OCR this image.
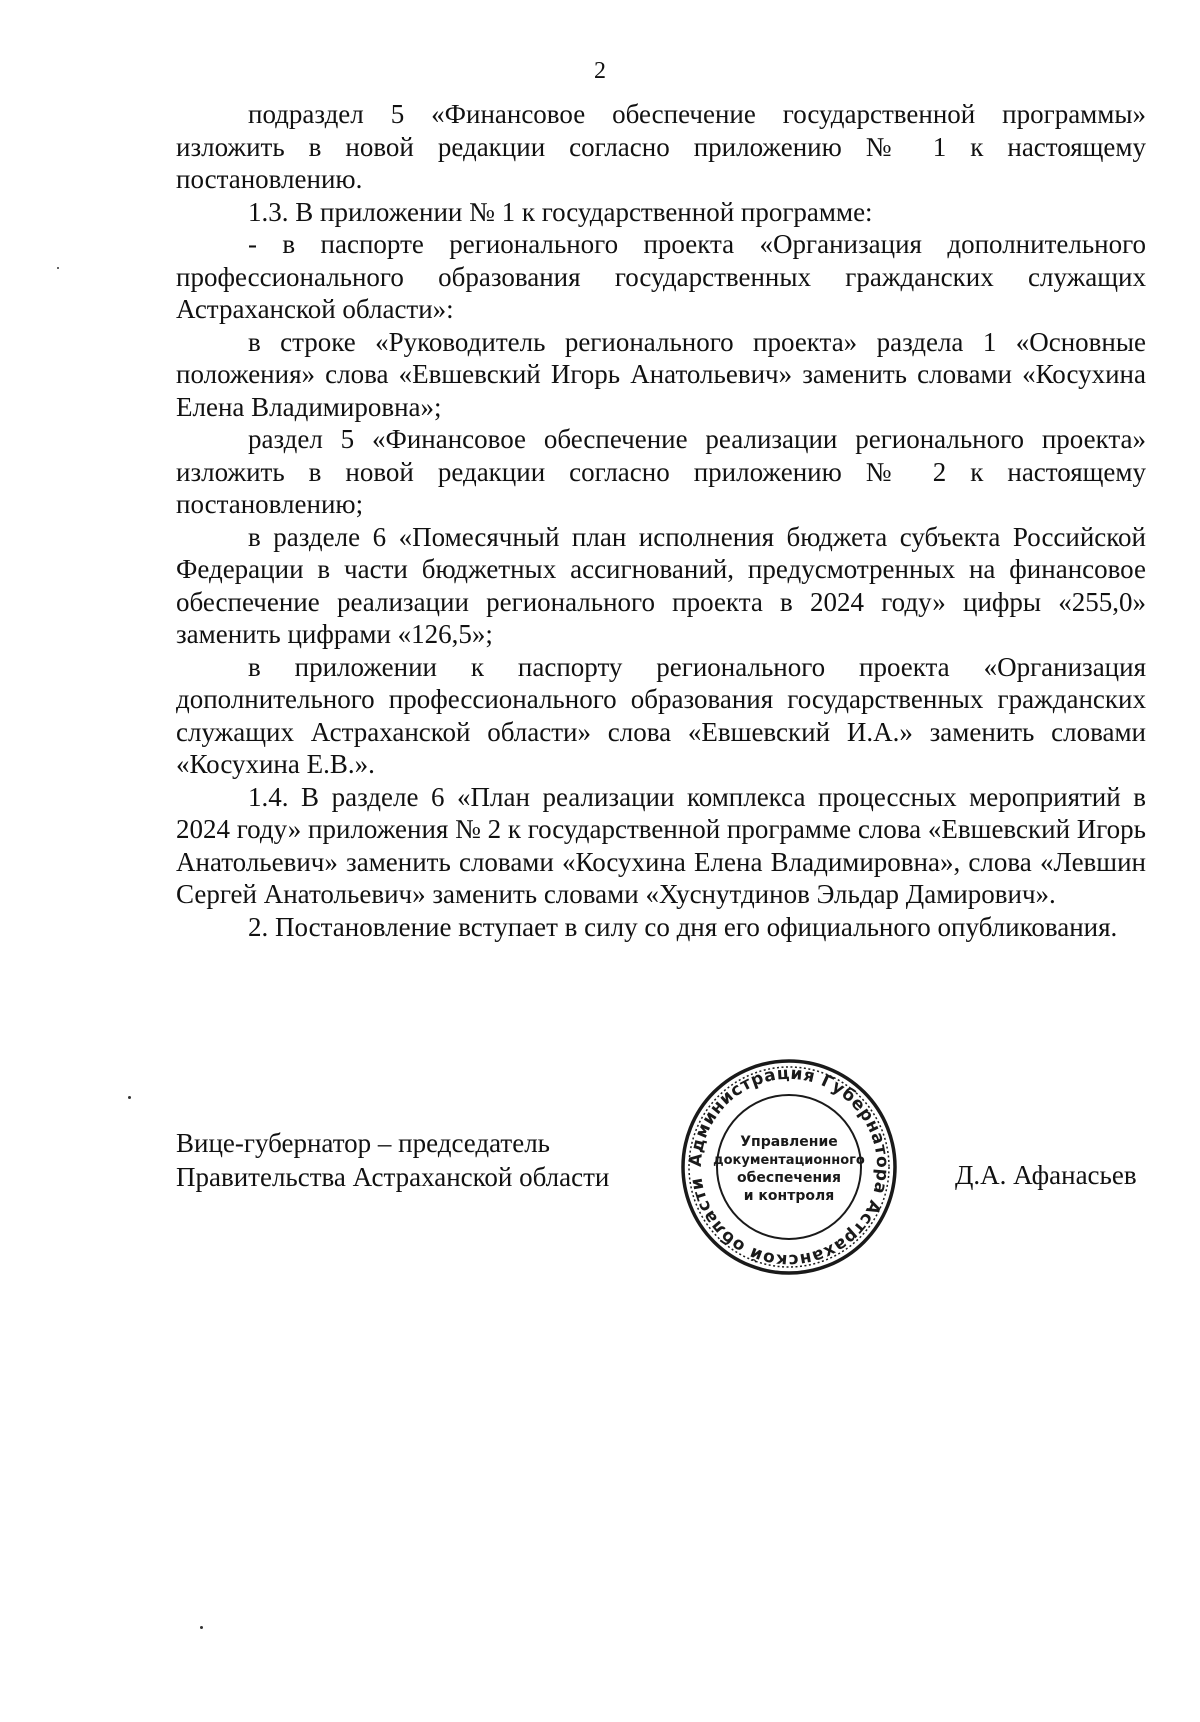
2

подраздел 5 «Финансовое обеспечение государственной программы» изложить в новой редакции согласно приложению № 1 к настоящему постановлению.

1.3. В приложении № 1 к государственной программе:

- в паспорте регионального проекта «Организация дополнительного профессионального образования государственных гражданских служащих Астраханской области»:

в строке «Руководитель регионального проекта» раздела 1 «Основные положения» слова «Евшевский Игорь Анатольевич» заменить словами «Косухина Елена Владимировна»;

раздел 5 «Финансовое обеспечение реализации регионального проекта» изложить в новой редакции согласно приложению № 2 к настоящему постановлению;

в разделе 6 «Помесячный план исполнения бюджета субъекта Российской Федерации в части бюджетных ассигнований, предусмотренных на финансовое обеспечение реализации регионального проекта в 2024 году» цифры «255,0» заменить цифрами «126,5»;

в приложении к паспорту регионального проекта «Организация дополнительного профессионального образования государственных гражданских служащих Астраханской области» слова «Евшевский И.А.» заменить словами «Косухина Е.В.».

1.4. В разделе 6 «План реализации комплекса процессных мероприятий в 2024 году» приложения № 2 к государственной программе слова «Евшевский Игорь Анатольевич» заменить словами «Косухина Елена Владимировна», слова «Левшин Сергей Анатольевич» заменить словами «Хуснутдинов Эльдар Дамирович».

2. Постановление вступает в силу со дня его официального опубликования.

Вице-губернатор – председатель
Правительства Астраханской области	Д.А. Афанасьев
Администрация Губернатора Астраханской области
Управление
документационного
обеспечения
и контроля
